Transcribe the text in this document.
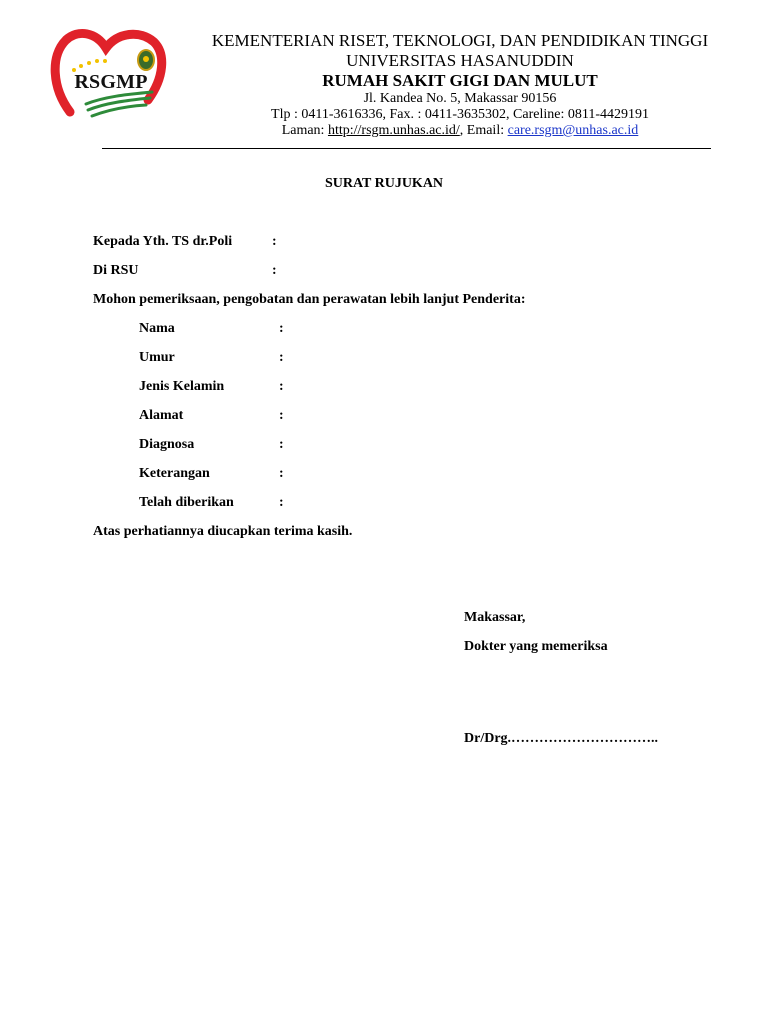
RSGMP
KEMENTERIAN RISET, TEKNOLOGI, DAN PENDIDIKAN TINGGI
UNIVERSITAS HASANUDDIN
RUMAH SAKIT GIGI DAN MULUT
Jl. Kandea No. 5, Makassar 90156
Tlp : 0411-3616336, Fax. : 0411-3635302, Careline: 0811-4429191
Laman: http://rsgm.unhas.ac.id/, Email: care.rsgm@unhas.ac.id
SURAT RUJUKAN
Kepada Yth. TS dr.Poli	:
Di RSU	:
Mohon pemeriksaan, pengobatan dan perawatan lebih lanjut Penderita:
Nama	:
Umur	:
Jenis Kelamin	:
Alamat	:
Diagnosa	:
Keterangan	:
Telah diberikan	:
Atas perhatiannya diucapkan terima kasih.
Makassar,
Dokter yang memeriksa
Dr/Drg.…………………………..
